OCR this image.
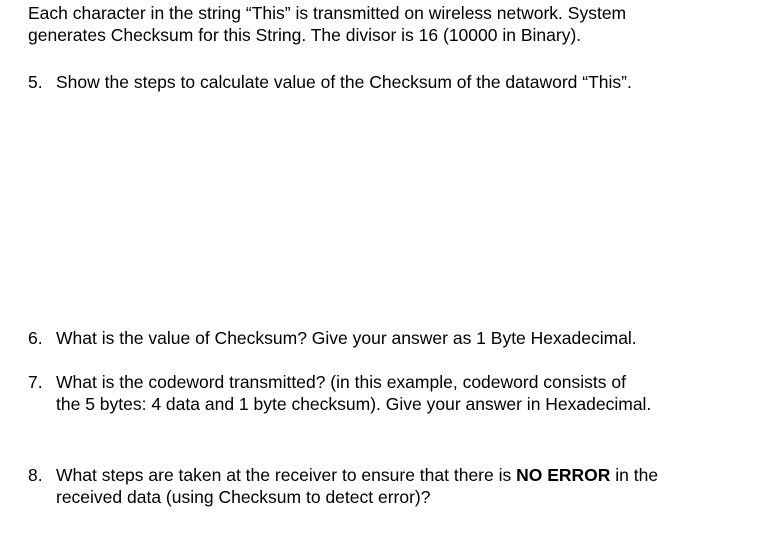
Each character in the string “This” is transmitted on wireless network. System

generates Checksum for this String. The divisor is 16 (10000 in Binary).

5. Show the steps to calculate value of the Checksum of the dataword “This”.
6. What is the value of Checksum? Give your answer as 1 Byte Hexadecimal.
7. What is the codeword transmitted? (in this example, codeword consists of
the 5 bytes: 4 data and 1 byte checksum). Give your answer in Hexadecimal.
8. What steps are taken at the receiver to ensure that there is NO ERROR in the
received data (using Checksum to detect error)?
